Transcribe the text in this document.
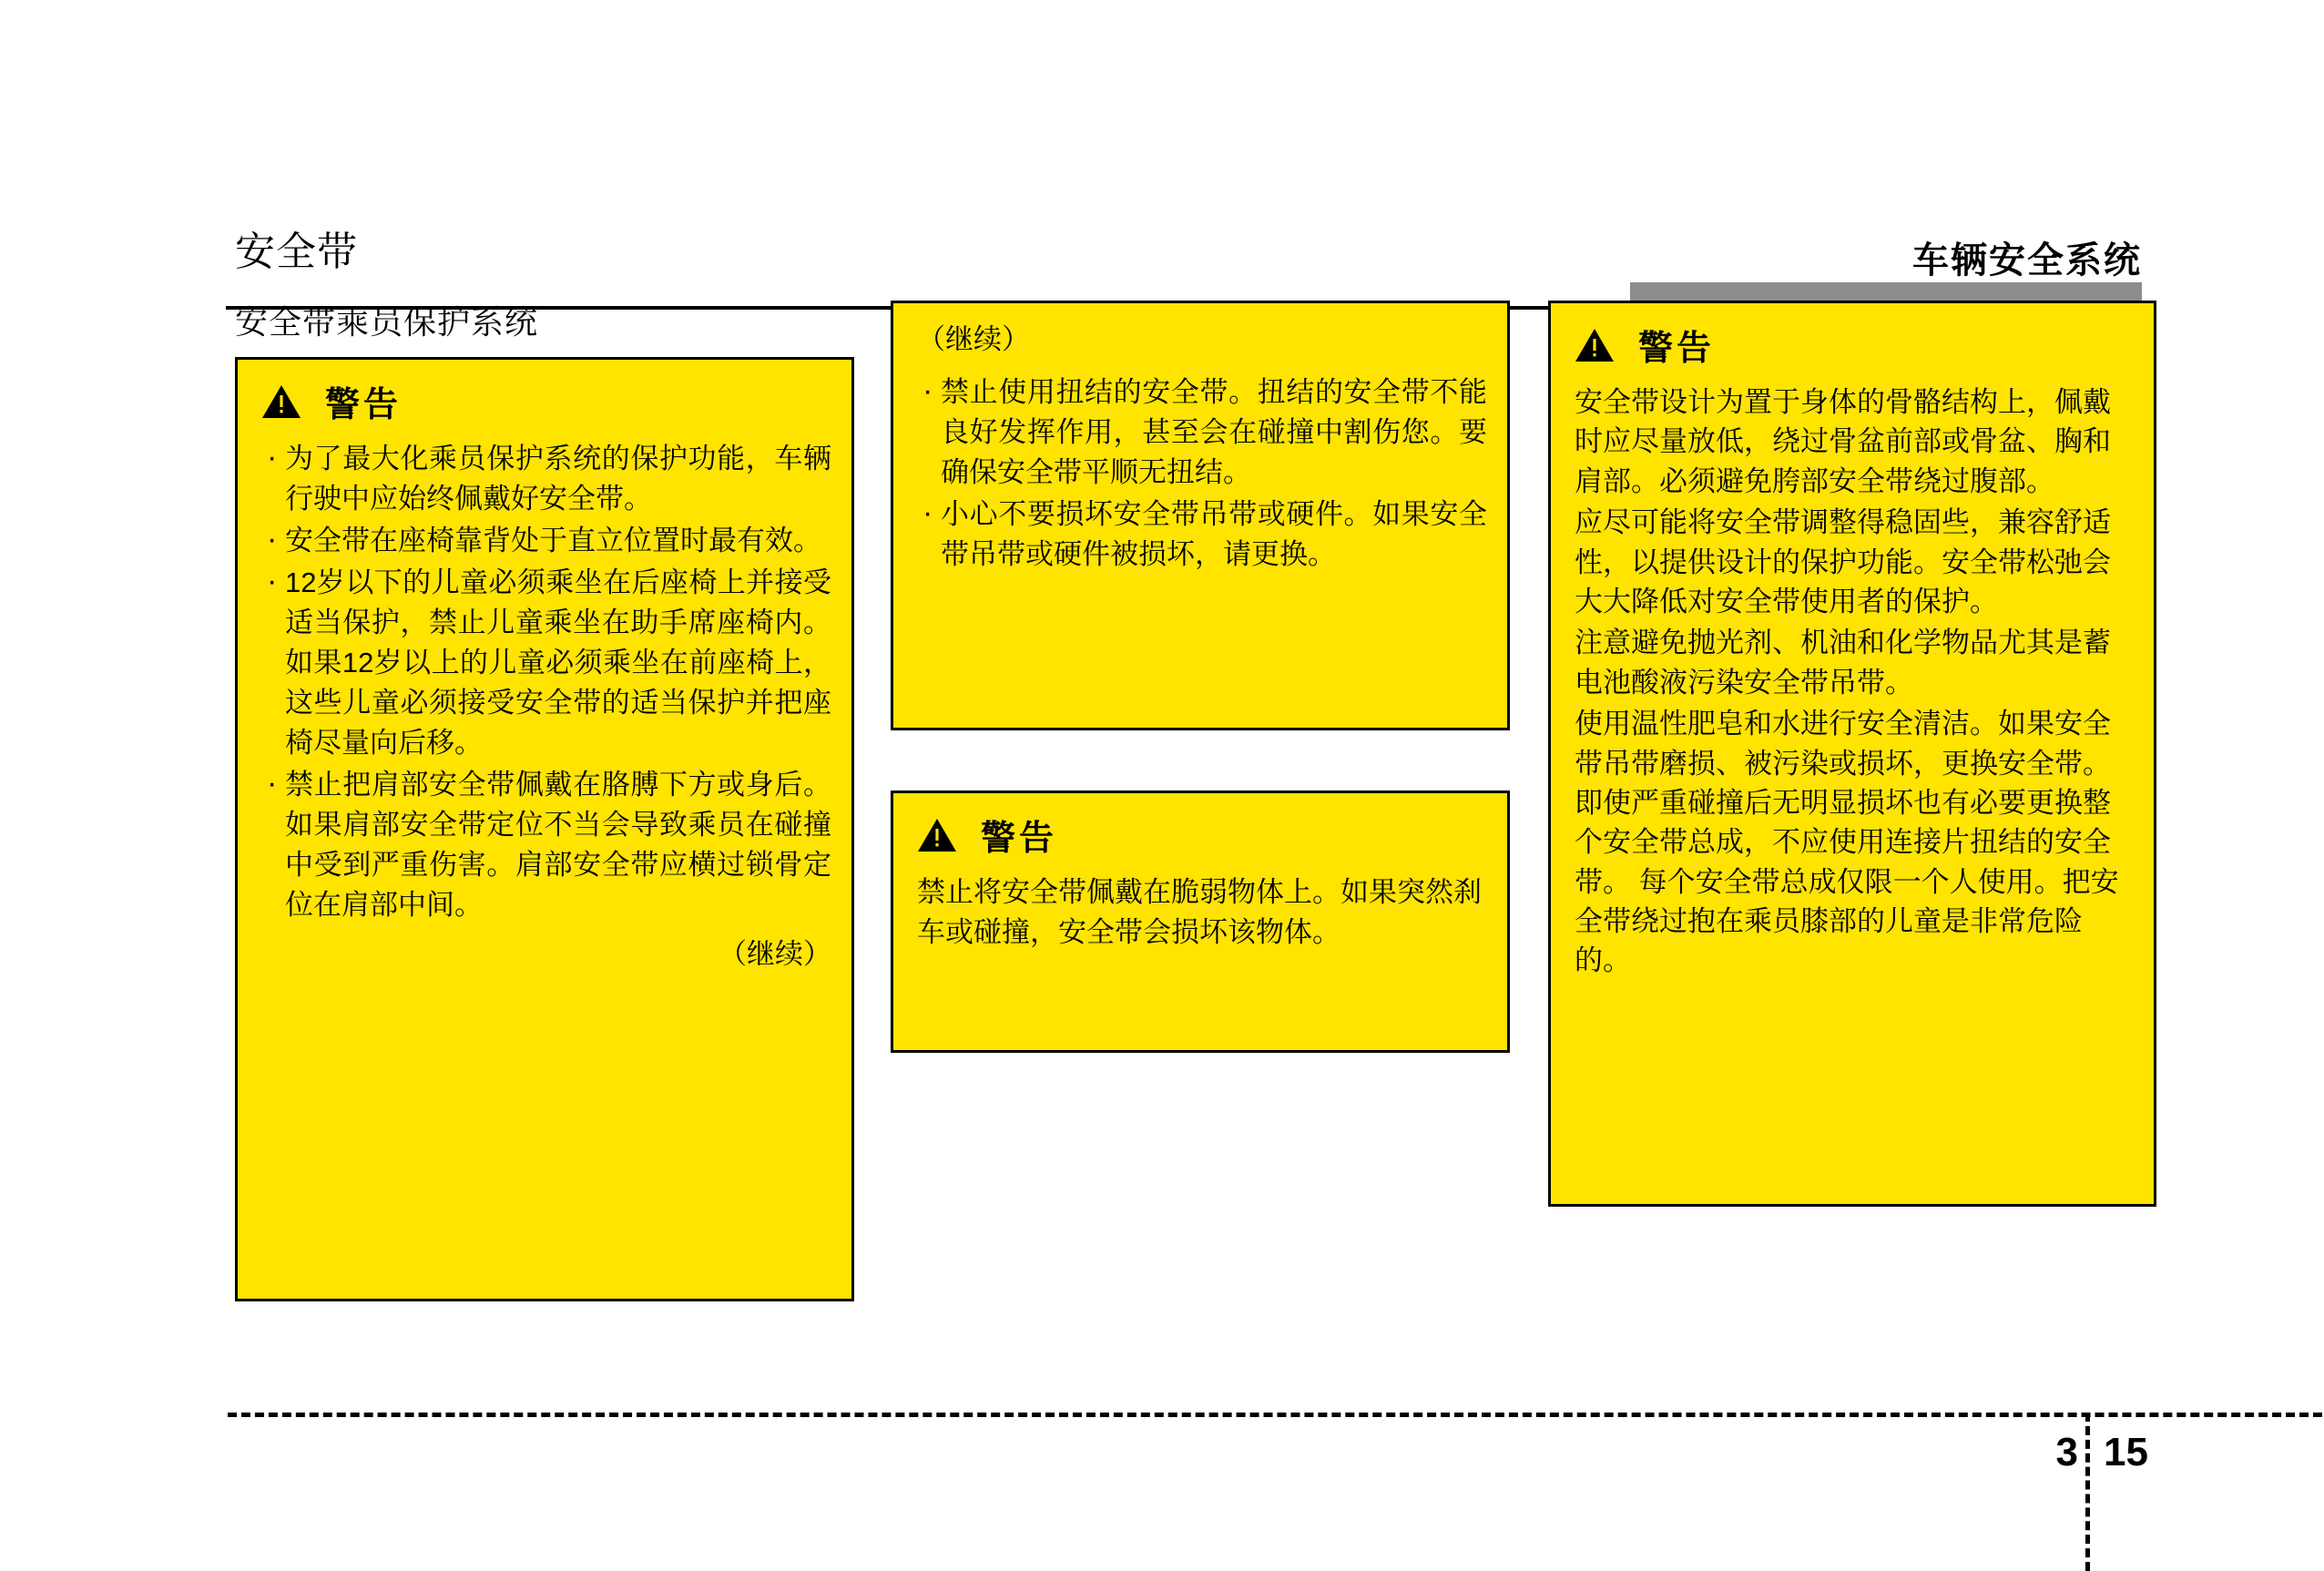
车辆安全系统
安全带
安全带乘员保护系统
警告
· 为了最大化乘员保护系统的保护功能，车辆行驶中应始终佩戴好安全带。
· 安全带在座椅靠背处于直立位置时最有效。
· 12岁以下的儿童必须乘坐在后座椅上并接受适当保护，禁止儿童乘坐在助手席座椅内。如果12岁以上的儿童必须乘坐在前座椅上，这些儿童必须接受安全带的适当保护并把座椅尽量向后移。
· 禁止把肩部安全带佩戴在胳膊下方或身后。如果肩部安全带定位不当会导致乘员在碰撞中受到严重伤害。肩部安全带应横过锁骨定位在肩部中间。
（继续）
（继续）
· 禁止使用扭结的安全带。扭结的安全带不能良好发挥作用，甚至会在碰撞中割伤您。要确保安全带平顺无扭结。
· 小心不要损坏安全带吊带或硬件。如果安全带吊带或硬件被损坏，请更换。
警告

禁止将安全带佩戴在脆弱物体上。如果突然刹车或碰撞，安全带会损坏该物体。

警告

安全带设计为置于身体的骨骼结构上，佩戴时应尽量放低，绕过骨盆前部或骨盆、胸和肩部。必须避免胯部安全带绕过腹部。

应尽可能将安全带调整得稳固些，兼容舒适性，以提供设计的保护功能。安全带松弛会大大降低对安全带使用者的保护。

注意避免抛光剂、机油和化学物品尤其是蓄电池酸液污染安全带吊带。

使用温性肥皂和水进行安全清洁。如果安全带吊带磨损、被污染或损坏，更换安全带。即使严重碰撞后无明显损坏也有必要更换整个安全带总成，不应使用连接片扭结的安全带。 每个安全带总成仅限一个人使用。把安全带绕过抱在乘员膝部的儿童是非常危险的。

3 15
